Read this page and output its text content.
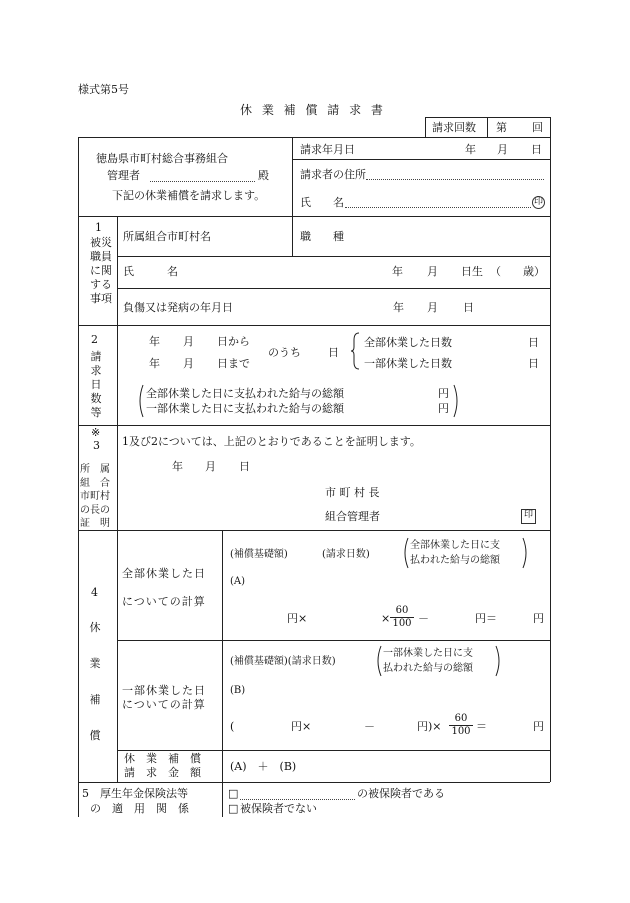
様式第5号
休 業 補 償 請 求 書
請求回数 第 回
徳島県市町村総合事務組合
管理者	殿
下記の休業補償を請求します。
請求年月日	年 月 日
請求者の住所
氏　　名	印
1
被災職員に関する事項
所属組合市町村名	職　　種
氏　　　名	年 月 日生 （ 歳）
負傷又は発病の年月日	年 月 日
2
請求日数等
年 月 日から
年 月 日まで
のうち 日
全部休業した日数	日
一部休業した日数	日
全部休業した日に支払われた給与の総額	円
一部休業した日に支払われた給与の総額	円
※
3
所　属
組　合
市町村
の長の
証　明
1及び2については、上記のとおりであることを証明します。
年 月 日
市 町 村 長
組合管理者	印
4
休業補償
全部休業した日
についての計算
(補償基礎額)	(請求日数)
全部休業した日に支
払われた給与の総額
(A)
円×	× $\frac{60}{100}$ －	円＝	円
一部休業した日
についての計算
(補償基礎額)(請求日数)
一部休業した日に支
払われた給与の総額
(B)
(	円×	－	円)× $\frac{60}{100}$ ＝	円
休　業　補　償
請　求　金　額	(A)　＋　(B)
5　厚生年金保険法等
の　適　用　関　係
□	の被保険者である
□ 被保険者でない
